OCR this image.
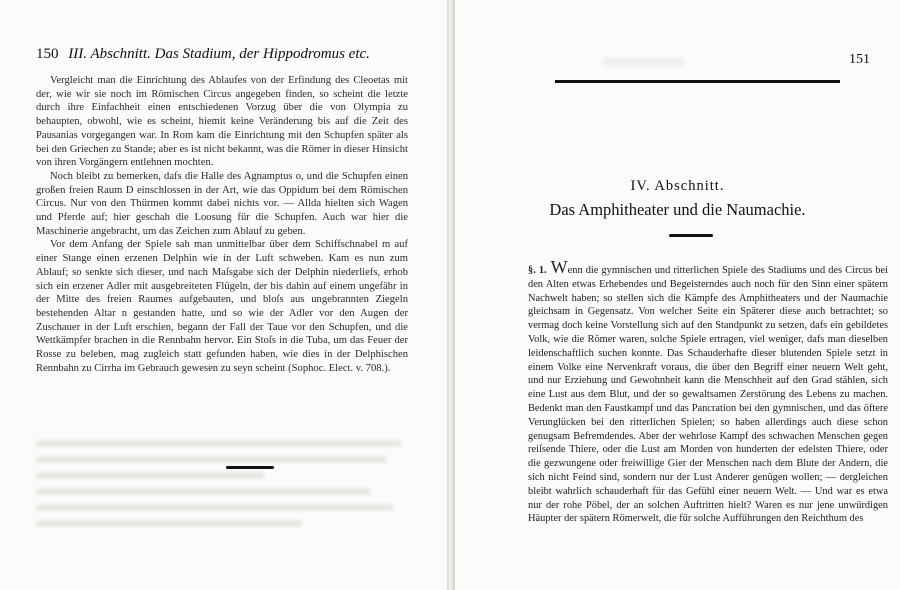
150 III. Abschnitt. Das Stadium, der Hippodromus etc.

Vergleicht man die Einrichtung des Ablaufes von der Erfindung des Cleoetas mit der, wie wir sie noch im Römischen Circus angegeben finden, so scheint die letzte durch ihre Einfachheit einen entschiedenen Vorzug über die von Olympia zu behaupten, obwohl, wie es scheint, hiemit keine Veränderung bis auf die Zeit des Pausanias vorgegangen war. In Rom kam die Einrichtung mit den Schupfen später als bei den Griechen zu Stande; aber es ist nicht bekannt, was die Römer in dieser Hinsicht von ihren Vorgängern entlehnen mochten.

Noch bleibt zu bemerken, dafs die Halle des Agnamptus o, und die Schupfen einen großen freien Raum D einschlossen in der Art, wie das Oppidum bei dem Römischen Circus. Nur von den Thürmen kommt dabei nichts vor. — Allda hielten sich Wagen und Pferde auf; hier geschah die Loosung für die Schupfen. Auch war hier die Maschinerie angebracht, um das Zeichen zum Ablauf zu geben.

Vor dem Anfang der Spiele sah man unmittelbar über dem Schiffschnabel m auf einer Stange einen erzenen Delphin wie in der Luft schweben. Kam es nun zum Ablauf; so senkte sich dieser, und nach Maſsgabe sich der Delphin niederliefs, erhob sich ein erzener Adler mit ausgebreiteten Flügeln, der bis dahin auf einem ungefähr in der Mitte des freien Raumes aufgebauten, und bloſs aus ungebrannten Ziegeln bestehenden Altar n gestanden hatte, und so wie der Adler vor den Augen der Zuschauer in der Luft erschien, begann der Fall der Taue vor den Schupfen, und die Wettkämpfer brachen in die Rennbahn hervor. Ein Stoſs in die Tuba, um das Feuer der Rosse zu beleben, mag zugleich statt gefunden haben, wie dies in der Delphischen Rennbahn zu Cirrha im Gebrauch gewesen zu seyn scheint (Sophoc. Elect. v. 708.).

151
IV. Abschnitt.
Das Amphitheater und die Naumachie.
§. 1. Wenn die gymnischen und ritterlichen Spiele des Stadiums und des Circus bei den Alten etwas Erhebendes und Begeisterndes auch noch für den Sinn einer spätern Nachwelt haben; so stellen sich die Kämpfe des Amphitheaters und der Naumachie gleichsam in Gegensatz. Von welcher Seite ein Späterer diese auch betrachtet; so vermag doch keine Vorstellung sich auf den Standpunkt zu setzen, dafs ein gebildetes Volk, wie die Römer waren, solche Spiele ertragen, viel weniger, dafs man dieselben leidenschaftlich suchen konnte. Das Schauderhafte dieser blutenden Spiele setzt in einem Volke eine Nervenkraft voraus, die über den Begriff einer neuern Welt geht, und nur Erziehung und Gewohnheit kann die Menschheit auf den Grad stählen, sich eine Lust aus dem Blut, und der so gewaltsamen Zerstörung des Lebens zu machen. Bedenkt man den Faustkampf und das Pancration bei den gymnischen, und das öftere Verunglücken bei den ritterlichen Spielen; so haben allerdings auch diese schon genugsam Befremdendes. Aber der wehrlose Kampf des schwachen Menschen gegen reiſsende Thiere, oder die Lust am Morden von hunderten der edelsten Thiere, oder die gezwungene oder freiwillige Gier der Menschen nach dem Blute der Andern, die sich nicht Feind sind, sondern nur der Lust Anderer genügen wollen; — dergleichen bleibt wahrlich schauderhaft für das Gefühl einer neuern Welt. — Und war es etwa nur der rohe Pöbel, der an solchen Auftritten hielt? Waren es nur jene unwürdigen Häupter der spätern Römerwelt, die für solche Aufführungen den Reichthum des
